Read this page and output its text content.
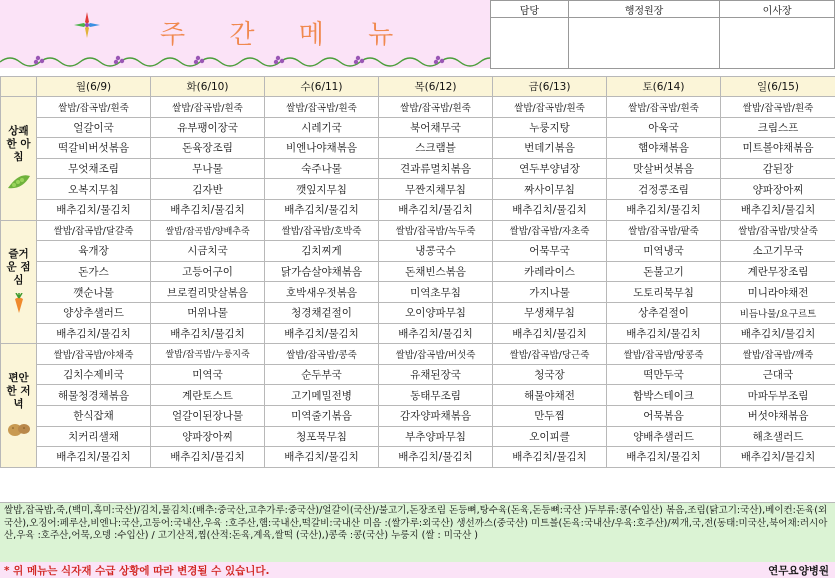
주 간 메 뉴
담당	행정원장	이사장

	월(6/9)	화(6/10)	수(6/11)	목(6/12)	금(6/13)	토(6/14)	일(6/15)

상쾌한 아침	쌀밥/잡곡밥/흰죽	쌀밥/잡곡밥/흰죽	쌀밥/잡곡밥/흰죽	쌀밥/잡곡밥/흰죽	쌀밥/잡곡밥/흰죽	쌀밥/잡곡밥/흰죽	쌀밥/잡곡밥/흰죽
	얼갈이국	유부팽이장국	시레기국	북어채무국	누룽지탕	아욱국	크림스프
	떡갈비버섯볶음	돈육장조림	비엔나야채볶음	스크램블	번데기볶음	햄야채볶음	미트볼야채볶음
	무엇채조림	무나물	숙주나물	견과류멸치볶음	연두부양념장	맛살버섯볶음	감된장
	오복지무침	김자반	깻잎지무침	무짠지채무침	짜사이무침	검정콩조림	양파장아찌
	배추김치/물김치	배추김치/물김치	배추김치/물김치	배추김치/물김치	배추김치/물김치	배추김치/물김치	배추김치/물김치

즐거운 점심	쌀밥/잡곡밥/달걀죽	쌀밥/잡곡밥/양배추죽	쌀밥/잡곡밥/호박죽	쌀밥/잡곡밥/녹두죽	쌀밥/잡곡밥/자초죽	쌀밥/잡곡밥/팥죽	쌀밥/잡곡밥/맛살죽
	육개장	시금치국	김치찌게	냉콩국수	어묵무국	미역냉국	소고기무국
	돈가스	고등어구이	닭가슴살야채볶음	돈채빈스볶음	카레라이스	돈불고기	계란무장조림
	깻순나물	브로컬리맛살볶음	호박새우젓볶음	미역초무침	가지나물	도토리묵무침	미니라야채전
	양상추샐러드	머위나물	청경채겉절이	오이양파무침	무생채무침	상추겉절이	비듬나물/요구르트
	배추김치/물김치	배추김치/물김치	배추김치/물김치	배추김치/물김치	배추김치/물김치	배추김치/물김치	배추김치/물김치

편안한 저녁	쌀밥/잡곡밥/야채죽	쌀밥/잡곡밥/누룽지죽	쌀밥/잡곡밥/콩죽	쌀밥/잡곡밥/버섯죽	쌀밥/잡곡밥/당근죽	쌀밥/잡곡밥/땅콩죽	쌀밥/잡곡밥/깨죽
	김치수제비국	미역국	순두부국	유채된장국	청국장	떡만두국	근대국
	해물청경채볶음	계란토스트	고기메밀전병	동태무조림	해물야채전	함박스테이크	마파두부조림
	한식잡채	얼갈이된장나물	미역줄기볶음	감자양파채볶음	만두찜	어묵볶음	버섯야채볶음
	치커리샐채	양파장아찌	청포묵무침	부추양파무침	오이피클	양배추샐러드	해초샐러드
	배추김치/물김치	배추김치/물김치	배추김치/물김치	배추김치/물김치	배추김치/물김치	배추김치/물김치	배추김치/물김치
쌀밥,잡곡밥,죽,(백미,흑미:국산)/김치,물김치:(배추:중국산,고추가루:중국산)/얼갈이(국산)/불고기,돈장조림 돈등뼈,탕수육(돈육,돈등뼈:국산 )두부류:콩(수입산) 볶음,조림(닭고기:국산),베이컨:돈육(외국산),오징어:페루산,비엔나:국산,고등어:국내산,우육 :호주산,햄:국내산,떡갈비:국내산 미음 :(쌀가루:외국산) 생선까스(중국산) 미트볼(돈육:국내산/우육:호주산)/찌개,국,전(동태:미국산,북어채:러시아산,우육 :호주산,어묵,오뎅 :수입산) / 고기산적,찜(산적:돈육,계육,쌀떡 (국산),)콩죽 :콩(국산) 누룽지 (쌀 : 미국산 )
* 위 메뉴는 식자재 수급 상황에 따라 변경될 수 있습니다.	연무요양병원
